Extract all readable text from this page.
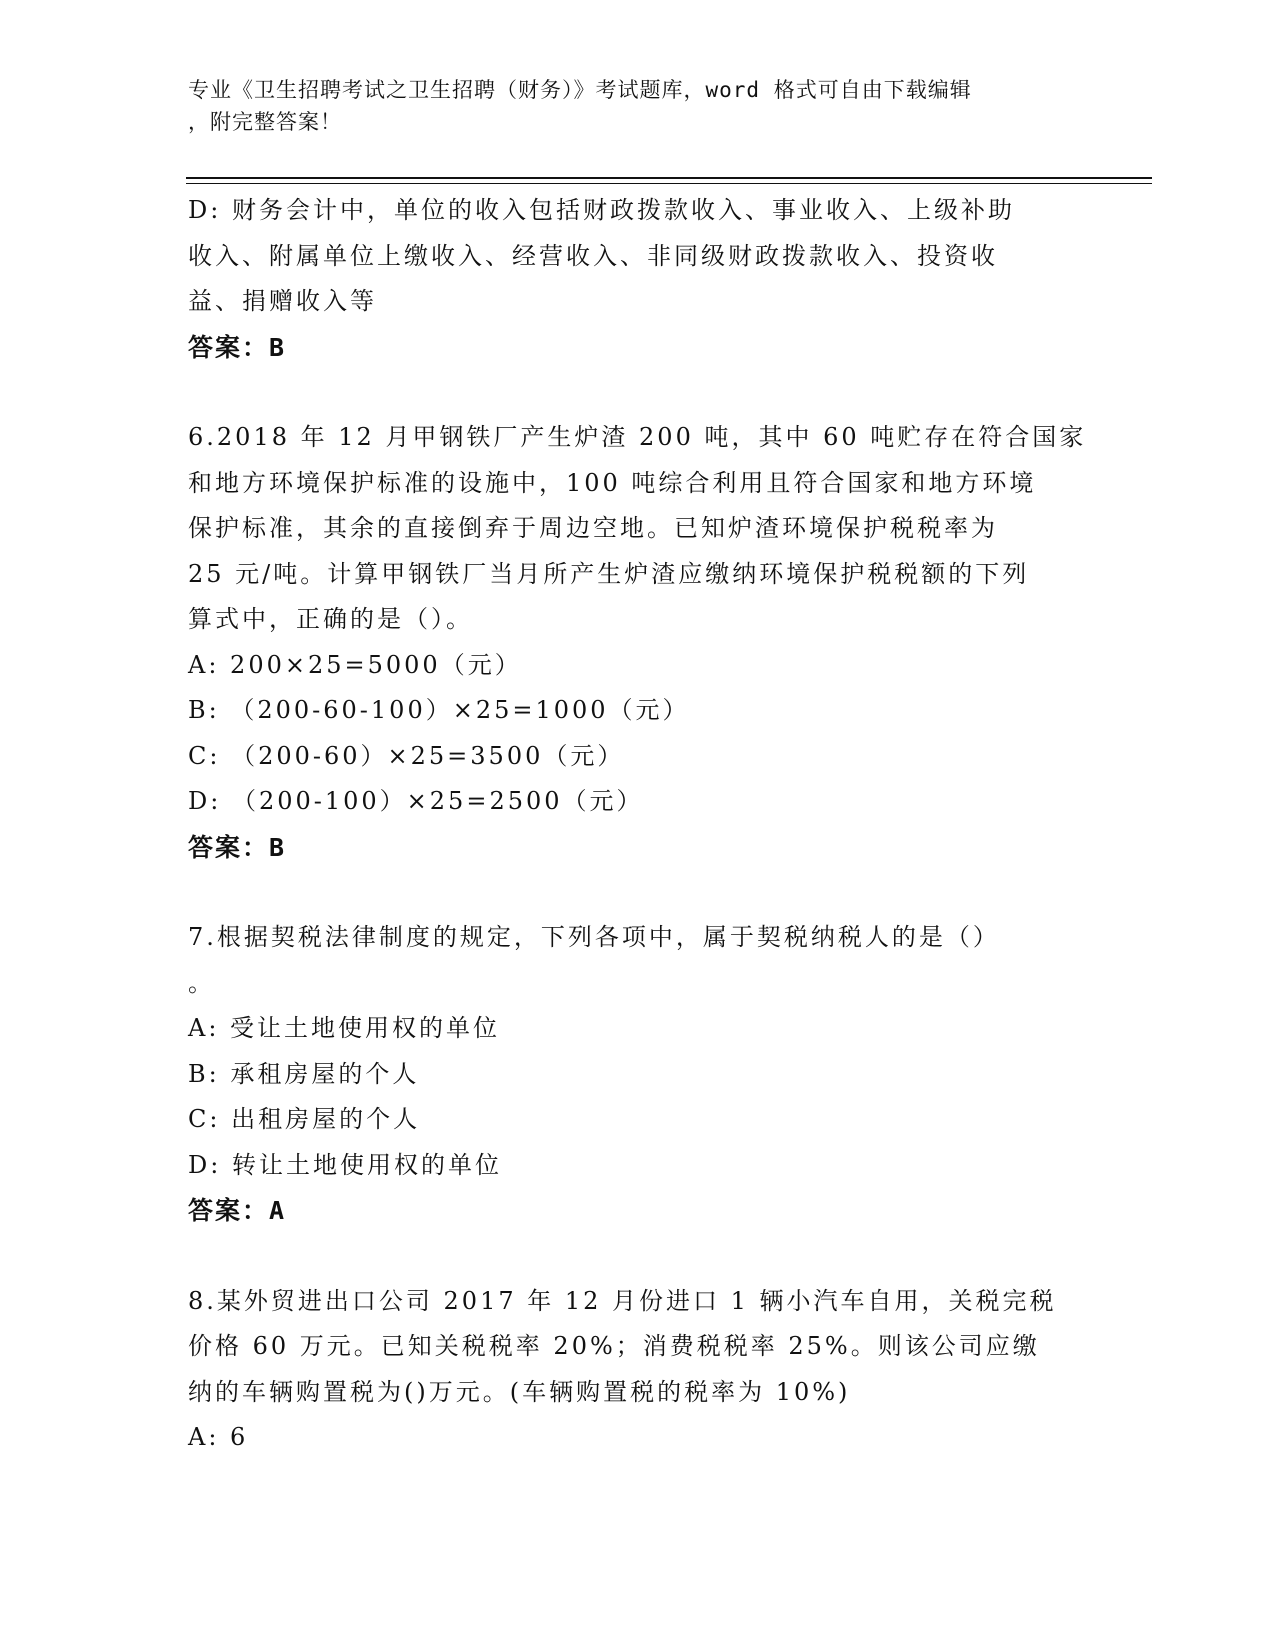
专业《卫生招聘考试之卫生招聘（财务）》考试题库，word 格式可自由下载编辑
，附完整答案！
D: 财务会计中，单位的收入包括财政拨款收入、事业收入、上级补助
收入、附属单位上缴收入、经营收入、非同级财政拨款收入、投资收
益、捐赠收入等
答案：B
6.2018 年 12 月甲钢铁厂产生炉渣 200 吨，其中 60 吨贮存在符合国家
和地方环境保护标准的设施中，100 吨综合利用且符合国家和地方环境
保护标准，其余的直接倒弃于周边空地。已知炉渣环境保护税税率为
25 元/吨。计算甲钢铁厂当月所产生炉渣应缴纳环境保护税税额的下列
算式中，正确的是（）。
A: 200×25=5000（元）
B: （200-60-100）×25=1000（元）
C: （200-60）×25=3500（元）
D: （200-100）×25=2500（元）
答案：B
7.根据契税法律制度的规定，下列各项中，属于契税纳税人的是（）
。
A: 受让土地使用权的单位
B: 承租房屋的个人
C: 出租房屋的个人
D: 转让土地使用权的单位
答案：A
8.某外贸进出口公司 2017 年 12 月份进口 1 辆小汽车自用，关税完税
价格 60 万元。已知关税税率 20%；消费税税率 25%。则该公司应缴
纳的车辆购置税为()万元。(车辆购置税的税率为 10%)
A: 6
